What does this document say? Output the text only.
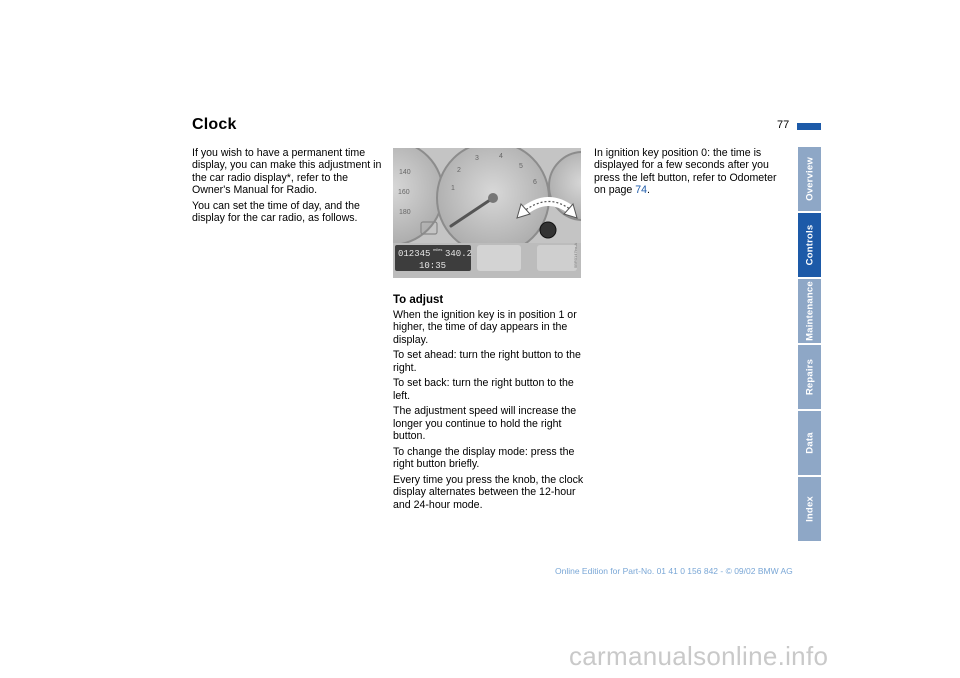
Clock	77

If you wish to have a permanent time display, you can make this adjustment in the car radio display*, refer to the Owner's Manual for Radio.

You can set the time of day, and the display for the car radio, as follows.

140
160
180
1
2
3	4
5
6
012345 miles 340.2
10:35	5BR0147ba-A
To adjust

When the ignition key is in position 1 or higher, the time of day appears in the display.

To set ahead: turn the right button to the right.

To set back: turn the right button to the left.

The adjustment speed will increase the longer you continue to hold the right button.

To change the display mode: press the right button briefly.

Every time you press the knob, the clock display alternates between the 12-hour and 24-hour mode.

In ignition key position 0: the time is displayed for a few seconds after you press the left button, refer to Odometer on page 74.	Overview
Controls
Maintenance
Repairs
Data
Index
Online Edition for Part-No. 01 41 0 156 842 - © 09/02 BMW AG
carmanualsonline.info
